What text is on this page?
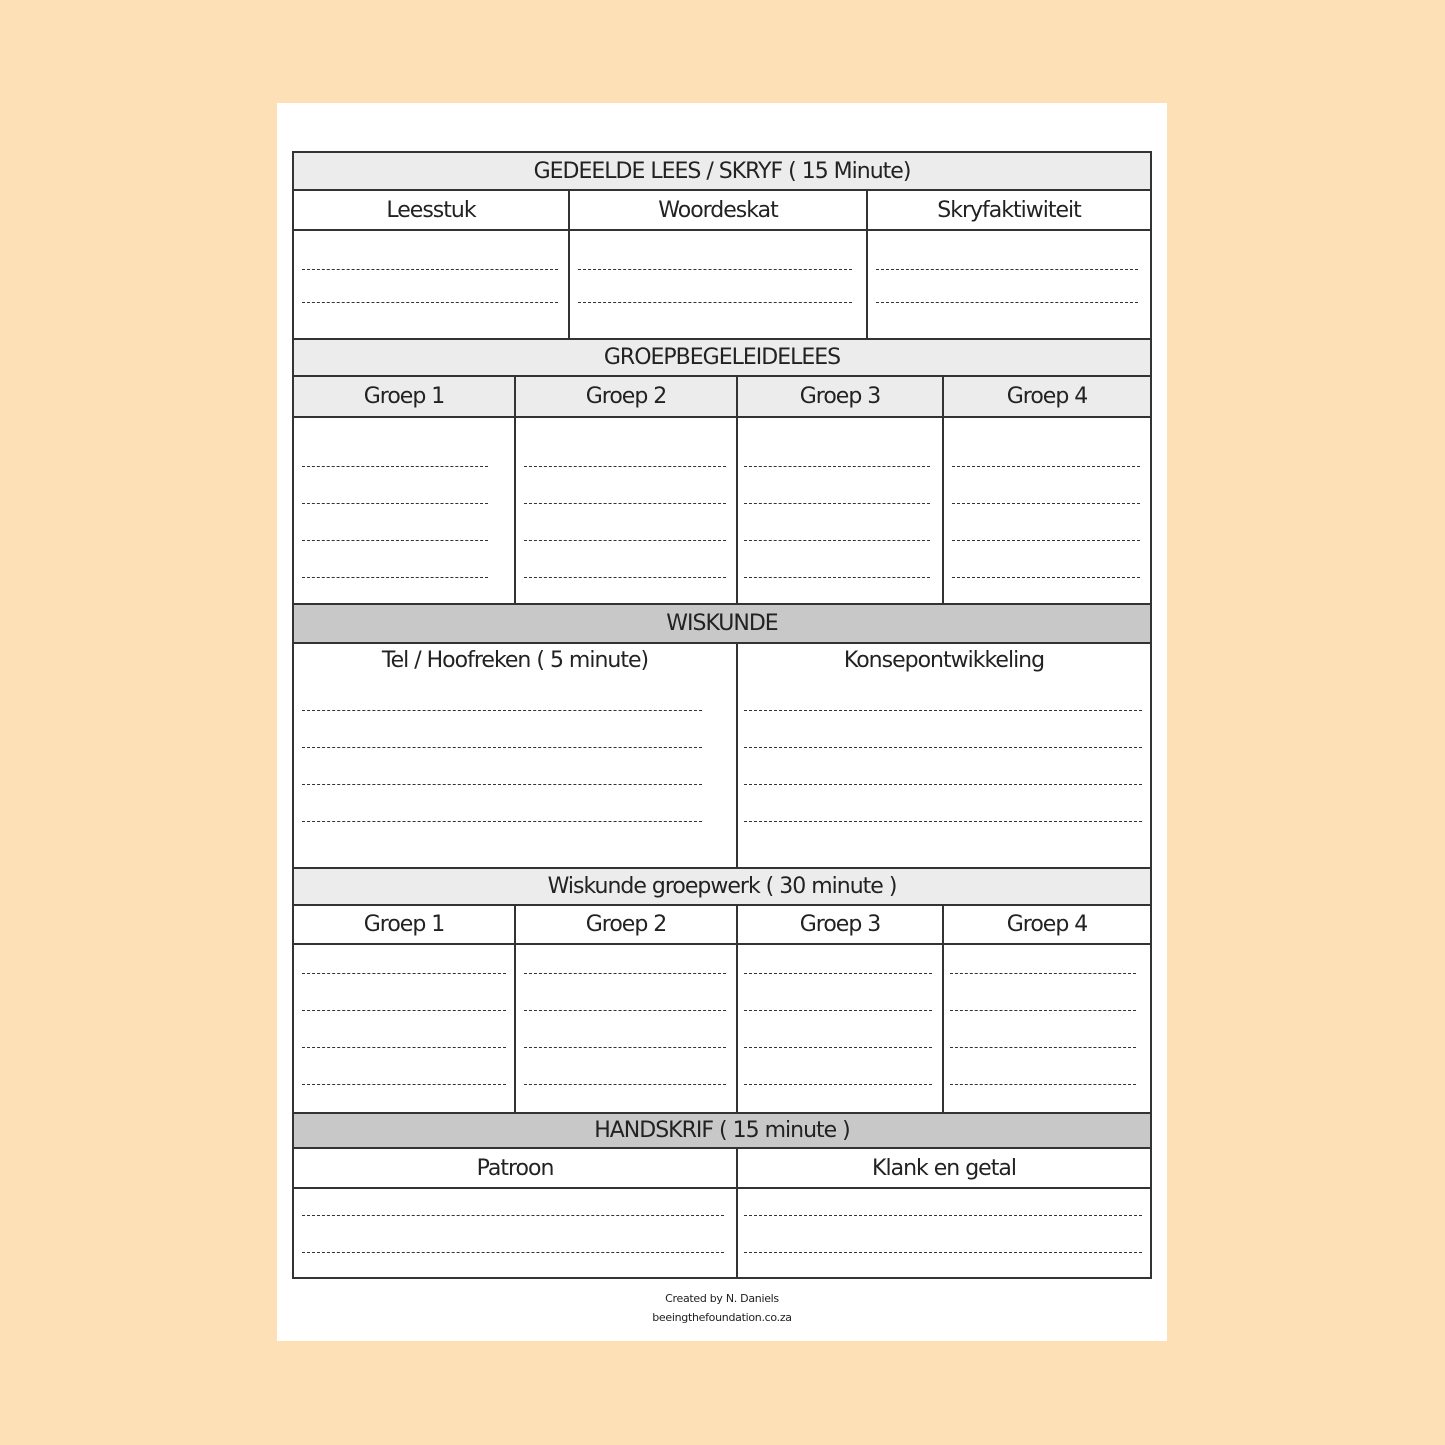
GEDEELDE LEES / SKRYF ( 15 Minute)
Leesstuk	Woordeskat	Skryfaktiwiteit
GROEPBEGELEIDELEES
Groep 1	Groep 2	Groep 3	Groep 4
WISKUNDE
Tel / Hoofreken ( 5 minute)	Konsepontwikkeling
Wiskunde groepwerk ( 30 minute )
Groep 1	Groep 2	Groep 3	Groep 4
HANDSKRIF ( 15 minute )
Patroon	Klank en getal
Created by N. Daniels
beeingthefoundation.co.za
